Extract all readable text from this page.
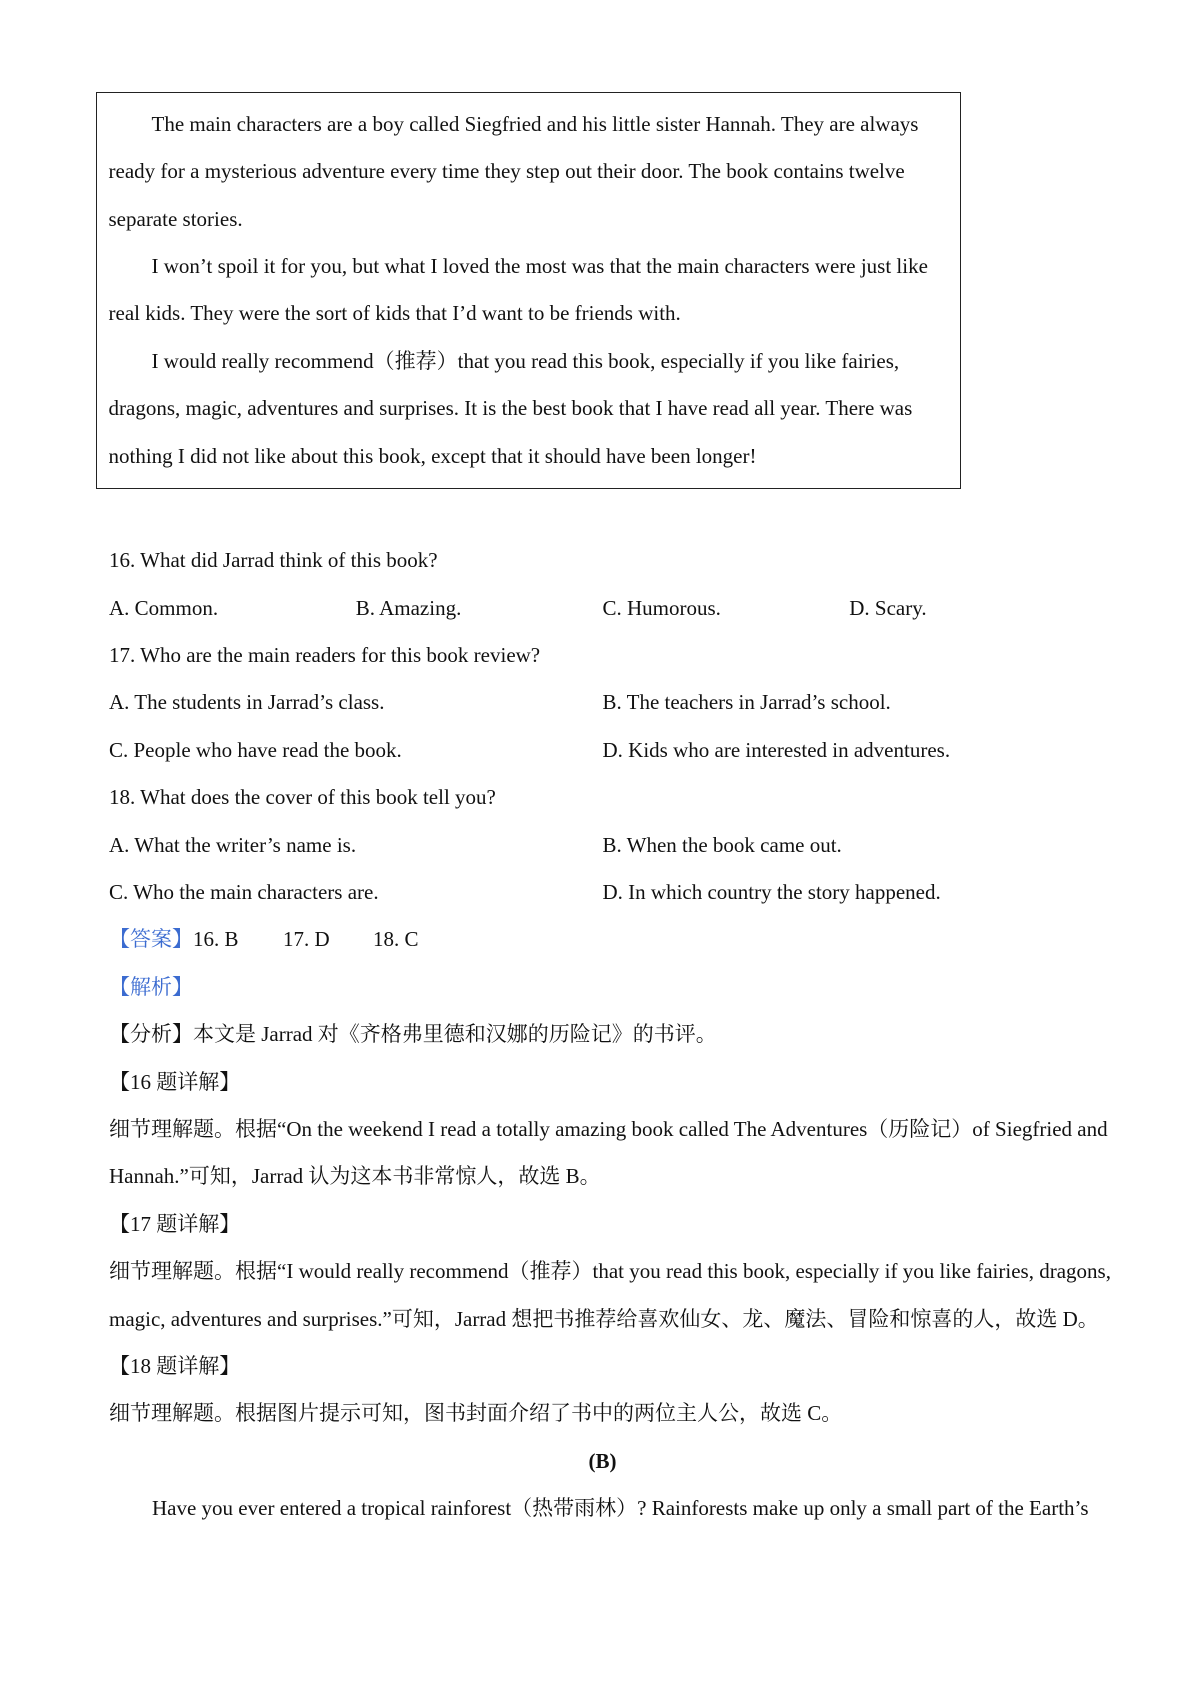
The main characters are a boy called Siegfried and his little sister Hannah. They are always
ready for a mysterious adventure every time they step out their door. The book contains twelve
separate stories.
I won’t spoil it for you, but what I loved the most was that the main characters were just like
real kids. They were the sort of kids that I’d want to be friends with.
I would really recommend（推荐）that you read this book, especially if you like fairies,
dragons, magic, adventures and surprises. It is the best book that I have read all year. There was
nothing I did not like about this book, except that it should have been longer!
16. What did Jarrad think of this book?
A. Common.	B. Amazing.	C. Humorous.	D. Scary.
17. Who are the main readers for this book review?
A. The students in Jarrad’s class.	B. The teachers in Jarrad’s school.
C. People who have read the book.	D. Kids who are interested in adventures.
18. What does the cover of this book tell you?
A. What the writer’s name is.	B. When the book came out.
C. Who the main characters are.	D. In which country the story happened.
【答案】 16. B	17. D	18. C
【解析】
【分析】 本文是 Jarrad 对《齐格弗里德和汉娜的历险记》的书评。
【16 题详解】
细节理解题。根据“On the weekend I read a totally amazing book called The Adventures（历险记）of Siegfried and
Hannah.”可知，Jarrad 认为这本书非常惊人，故选 B。
【17 题详解】
细节理解题。根据“I would really recommend（推荐）that you read this book, especially if you like fairies, dragons,
magic, adventures and surprises.”可知，Jarrad 想把书推荐给喜欢仙女、龙、魔法、冒险和惊喜的人，故选 D。
【18 题详解】
细节理解题。根据图片提示可知，图书封面介绍了书中的两位主人公，故选 C。
(B)
Have you ever entered a tropical rainforest（热带雨林）? Rainforests make up only a small part of the Earth’s
